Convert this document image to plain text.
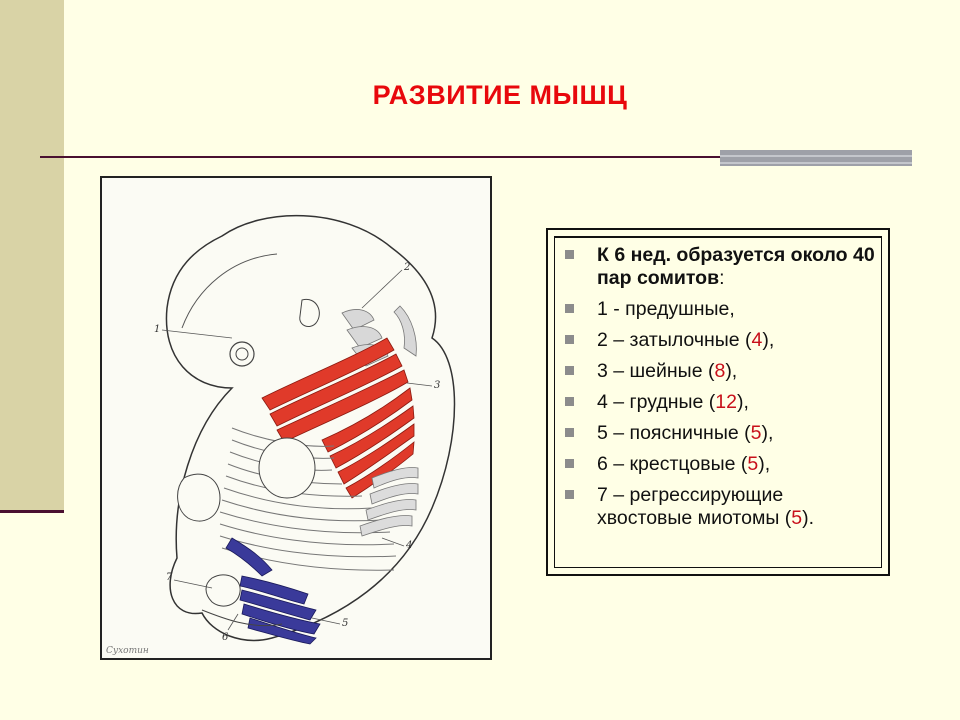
РАЗВИТИЕ МЫШЦ
1
2
3
4
5
6
7
Сухотин
К 6 нед. образуется около 40 пар сомитов:
1 - предушные,
2 – затылочные (4),
3 – шейные (8),
4 – грудные (12),
5 – поясничные (5),
6 – крестцовые (5),
7 – регрессирующие хвостовые миотомы (5).
